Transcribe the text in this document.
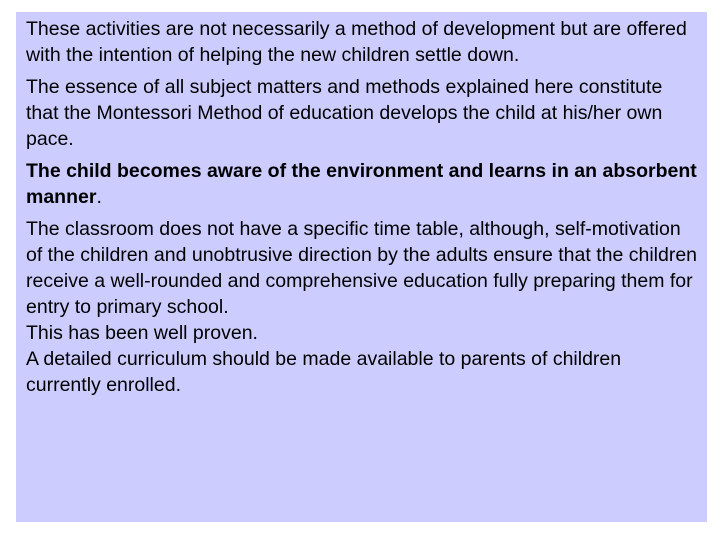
These activities are not necessarily a method of development but are offered with the intention of helping the new children settle down.

The essence of all subject matters and methods explained here constitute that the Montessori Method of education develops the child at his/her own pace.

The child becomes aware of the environment and learns in an absorbent manner.

The classroom does not have a specific time table, although, self-motivation of the children and unobtrusive direction by the adults ensure that the children receive a well-rounded and comprehensive education fully preparing them for entry to primary school.

This has been well proven.

A detailed curriculum should be made available to parents of children currently enrolled.
